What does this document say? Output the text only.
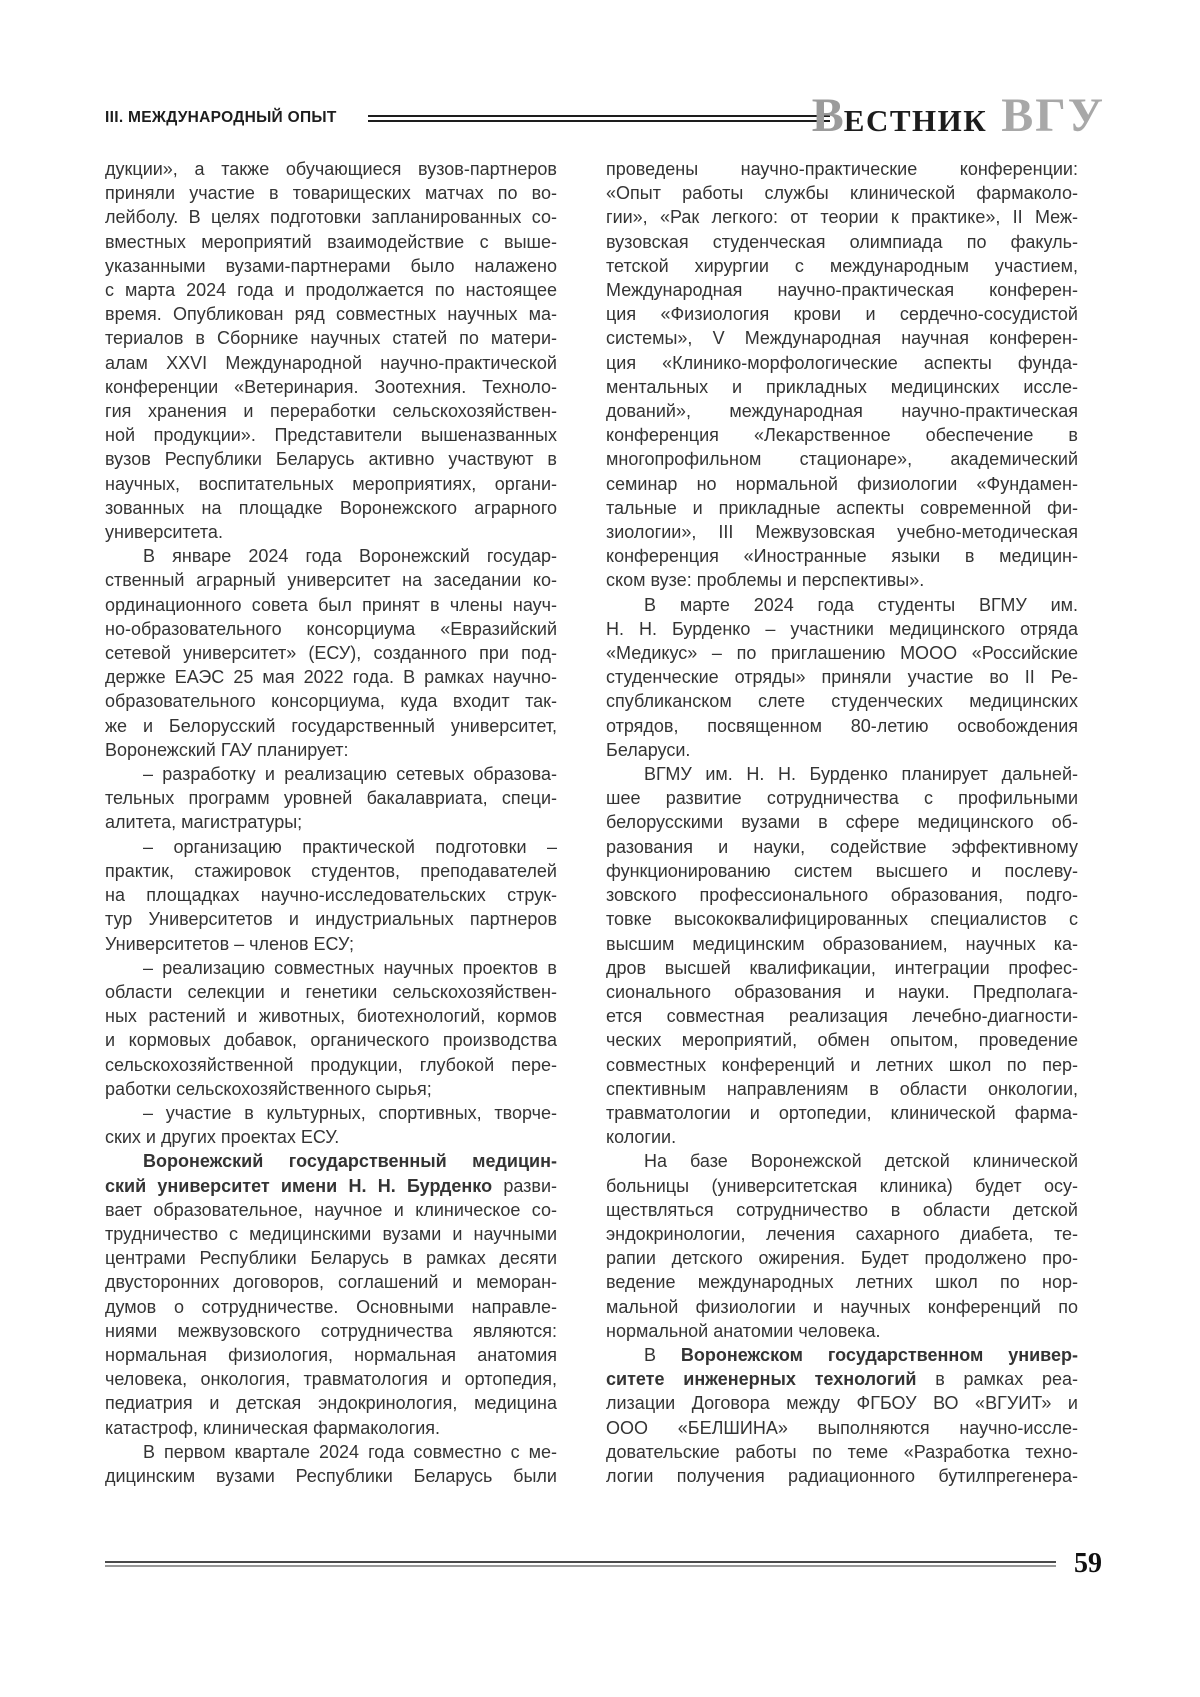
III. МЕЖДУНАРОДНЫЙ ОПЫТ	В ЕСТНИК ВГУ
дукции», а также обучающиеся вузов-партнеров
приняли участие в товарищеских матчах по во-
лейболу. В целях подготовки запланированных со-
вместных мероприятий взаимодействие с выше-
указанными вузами-партнерами было налажено
с марта 2024 года и продолжается по настоящее
время. Опубликован ряд совместных научных ма-
териалов в Сборнике научных статей по матери-
алам XXVI Международной научно-практической
конференции «Ветеринария. Зоотехния. Техноло-
гия хранения и переработки сельскохозяйствен-
ной продукции». Представители вышеназванных
вузов Республики Беларусь активно участвуют в
научных, воспитательных мероприятиях, органи-
зованных на площадке Воронежского аграрного
университета.
В январе 2024 года Воронежский государ-
ственный аграрный университет на заседании ко-
ординационного совета был принят в члены науч-
но-образовательного консорциума «Евразийский
сетевой университет» (ЕСУ), созданного при под-
держке ЕАЭС 25 мая 2022 года. В рамках научно-
образовательного консорциума, куда входит так-
же и Белорусский государственный университет,
Воронежский ГАУ планирует:
– разработку и реализацию сетевых образова-
тельных программ уровней бакалавриата, специ-
алитета, магистратуры;
– организацию практической подготовки –
практик, стажировок студентов, преподавателей
на площадках научно-исследовательских струк-
тур Университетов и индустриальных партнеров
Университетов – членов ЕСУ;
– реализацию совместных научных проектов в
области селекции и генетики сельскохозяйствен-
ных растений и животных, биотехнологий, кормов
и кормовых добавок, органического производства
сельскохозяйственной продукции, глубокой пере-
работки сельскохозяйственного сырья;
– участие в культурных, спортивных, творче-
ских и других проектах ЕСУ.
Воронежский государственный медицин-
ский университет имени Н. Н. Бурденко разви-
вает образовательное, научное и клиническое со-
трудничество с медицинскими вузами и научными
центрами Республики Беларусь в рамках десяти
двусторонних договоров, соглашений и меморан-
думов о сотрудничестве. Основными направле-
ниями межвузовского сотрудничества являются:
нормальная физиология, нормальная анатомия
человека, онкология, травматология и ортопедия,
педиатрия и детская эндокринология, медицина
катастроф, клиническая фармакология.
В первом квартале 2024 года совместно с ме-
дицинским вузами Республики Беларусь были
проведены научно-практические конференции:
«Опыт работы службы клинической фармаколо-
гии», «Рак легкого: от теории к практике», II Меж-
вузовская студенческая олимпиада по факуль-
тетской хирургии с международным участием,
Международная научно-практическая конферен-
ция «Физиология крови и сердечно-сосудистой
системы», V Международная научная конферен-
ция «Клинико-морфологические аспекты фунда-
ментальных и прикладных медицинских иссле-
дований», международная научно-практическая
конференция «Лекарственное обеспечение в
многопрофильном стационаре», академический
семинар но нормальной физиологии «Фундамен-
тальные и прикладные аспекты современной фи-
зиологии», III Межвузовская учебно-методическая
конференция «Иностранные языки в медицин-
ском вузе: проблемы и перспективы».
В марте 2024 года студенты ВГМУ им.
Н. Н. Бурденко – участники медицинского отряда
«Медикус» – по приглашению МООО «Российские
студенческие отряды» приняли участие во II Ре-
спубликанском слете студенческих медицинских
отрядов, посвященном 80-летию освобождения
Беларуси.
ВГМУ им. Н. Н. Бурденко планирует дальней-
шее развитие сотрудничества с профильными
белорусскими вузами в сфере медицинского об-
разования и науки, содействие эффективному
функционированию систем высшего и послеву-
зовского профессионального образования, подго-
товке высококвалифицированных специалистов с
высшим медицинским образованием, научных ка-
дров высшей квалификации, интеграции профес-
сионального образования и науки. Предполага-
ется совместная реализация лечебно-диагности-
ческих мероприятий, обмен опытом, проведение
совместных конференций и летних школ по пер-
спективным направлениям в области онкологии,
травматологии и ортопедии, клинической фарма-
кологии.
На базе Воронежской детской клинической
больницы (университетская клиника) будет осу-
ществляться сотрудничество в области детской
эндокринологии, лечения сахарного диабета, те-
рапии детского ожирения. Будет продолжено про-
ведение международных летних школ по нор-
мальной физиологии и научных конференций по
нормальной анатомии человека.
В Воронежском государственном универ-
ситете инженерных технологий в рамках реа-
лизации Договора между ФГБОУ ВО «ВГУИТ» и
ООО «БЕЛШИНА» выполняются научно-иссле-
довательские работы по теме «Разработка техно-
логии получения радиационного бутилпрегенера-
59
